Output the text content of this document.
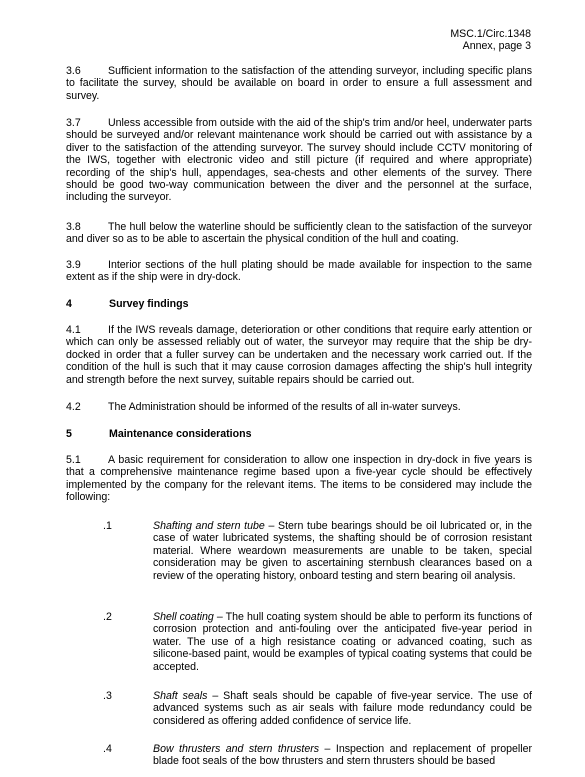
MSC.1/Circ.1348
Annex, page 3
3.6	Sufficient information to the satisfaction of the attending surveyor, including specific plans to facilitate the survey, should be available on board in order to ensure a full assessment and survey.
3.7	Unless accessible from outside with the aid of the ship's trim and/or heel, underwater parts should be surveyed and/or relevant maintenance work should be carried out with assistance by a diver to the satisfaction of the attending surveyor. The survey should include CCTV monitoring of the IWS, together with electronic video and still picture (if required and where appropriate) recording of the ship's hull, appendages, sea-chests and other elements of the survey. There should be good two-way communication between the diver and the personnel at the surface, including the surveyor.
3.8	The hull below the waterline should be sufficiently clean to the satisfaction of the surveyor and diver so as to be able to ascertain the physical condition of the hull and coating.
3.9	Interior sections of the hull plating should be made available for inspection to the same extent as if the ship were in dry-dock.
4	Survey findings
4.1	If the IWS reveals damage, deterioration or other conditions that require early attention or which can only be assessed reliably out of water, the surveyor may require that the ship be dry-docked in order that a fuller survey can be undertaken and the necessary work carried out. If the condition of the hull is such that it may cause corrosion damages affecting the ship's hull integrity and strength before the next survey, suitable repairs should be carried out.
4.2	The Administration should be informed of the results of all in-water surveys.
5	Maintenance considerations
5.1	A basic requirement for consideration to allow one inspection in dry-dock in five years is that a comprehensive maintenance regime based upon a five-year cycle should be effectively implemented by the company for the relevant items. The items to be considered may include the following:
.1	Shafting and stern tube – Stern tube bearings should be oil lubricated or, in the case of water lubricated systems, the shafting should be of corrosion resistant material. Where weardown measurements are unable to be taken, special consideration may be given to ascertaining sternbush clearances based on a review of the operating history, onboard testing and stern bearing oil analysis.
.2	Shell coating – The hull coating system should be able to perform its functions of corrosion protection and anti-fouling over the anticipated five-year period in water. The use of a high resistance coating or advanced coating, such as silicone-based paint, would be examples of typical coating systems that could be accepted.
.3	Shaft seals – Shaft seals should be capable of five-year service. The use of advanced systems such as air seals with failure mode redundancy could be considered as offering added confidence of service life.
.4	Bow thrusters and stern thrusters – Inspection and replacement of propeller blade foot seals of the bow thrusters and stern thrusters should be based
